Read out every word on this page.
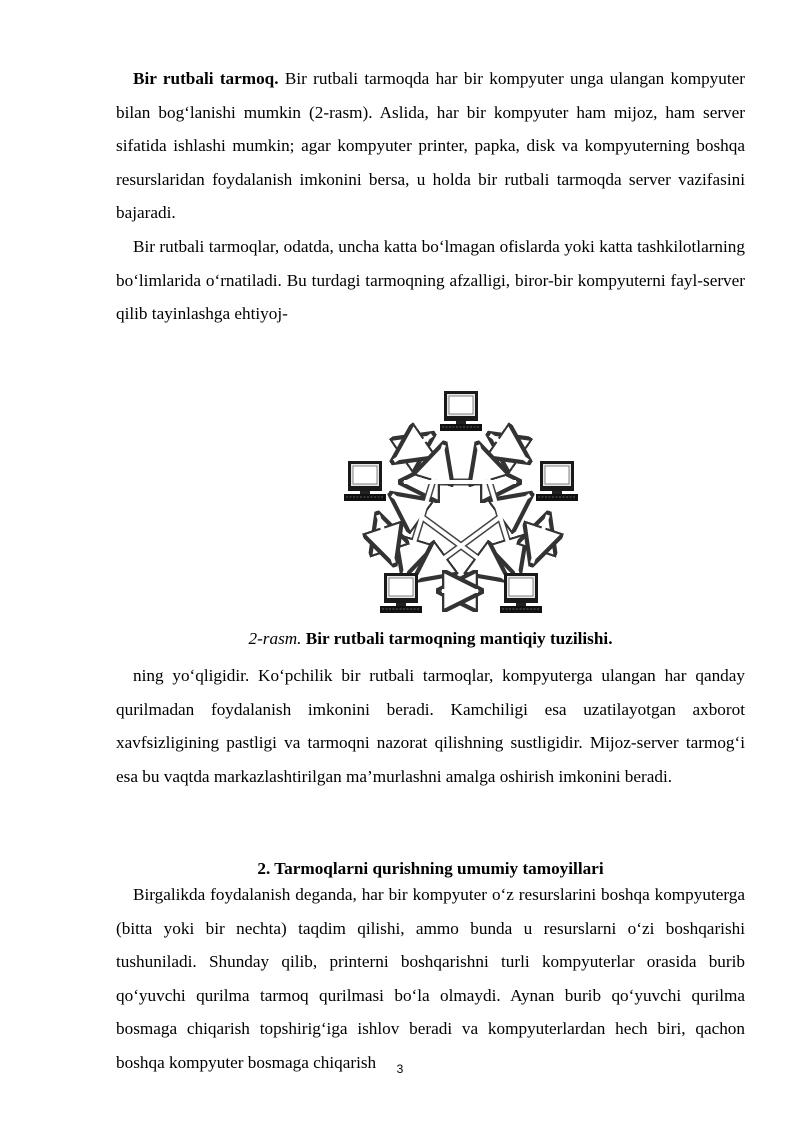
Bir rutbali tarmoq. Bir rutbali tarmoqda har bir kompyuter unga ulangan kompyuter bilan bog‘lanishi mumkin (2-rasm). Aslida, har bir kompyuter ham mijoz, ham server sifatida ishlashi mumkin; agar kompyuter printer, papka, disk va kompyuterning boshqa resurslaridan foydalanish imkonini bersa, u holda bir rutbali tarmoqda server vazifasini bajaradi.

Bir rutbali tarmoqlar, odatda, uncha katta bo‘lmagan ofislarda yoki katta tashkilotlarning bo‘limlarida o‘rnatiladi. Bu turdagi tarmoqning afzalligi, biror-bir kompyuterni fayl-server qilib tayinlashga ehtiyoj-

2-rasm. Bir rutbali tarmoqning mantiqiy tuzilishi.

ning yo‘qligidir. Ko‘pchilik bir rutbali tarmoqlar, kompyuterga ulangan har qanday qurilmadan foydalanish imkonini beradi. Kamchiligi esa uzatilayotgan axborot xavfsizligining pastligi va tarmoqni nazorat qilishning sustligidir. Mijoz-server tarmog‘i esa bu vaqtda markazlashtirilgan ma’murlashni amalga oshirish imkonini beradi.

2. Tarmoqlarni qurishning umumiy tamoyillari

Birgalikda foydalanish deganda, har bir kompyuter o‘z resurslarini boshqa kompyuterga (bitta yoki bir nechta) taqdim qilishi, ammo bunda u resurslarni o‘zi boshqarishi tushuniladi. Shunday qilib, printerni boshqarishni turli kompyuterlar orasida burib qo‘yuvchi qurilma tarmoq qurilmasi bo‘la olmaydi. Aynan burib qo‘yuvchi qurilma bosmaga chiqarish topshirig‘iga ishlov beradi va kompyuterlardan hech biri, qachon boshqa kompyuter bosmaga chiqarish	3
